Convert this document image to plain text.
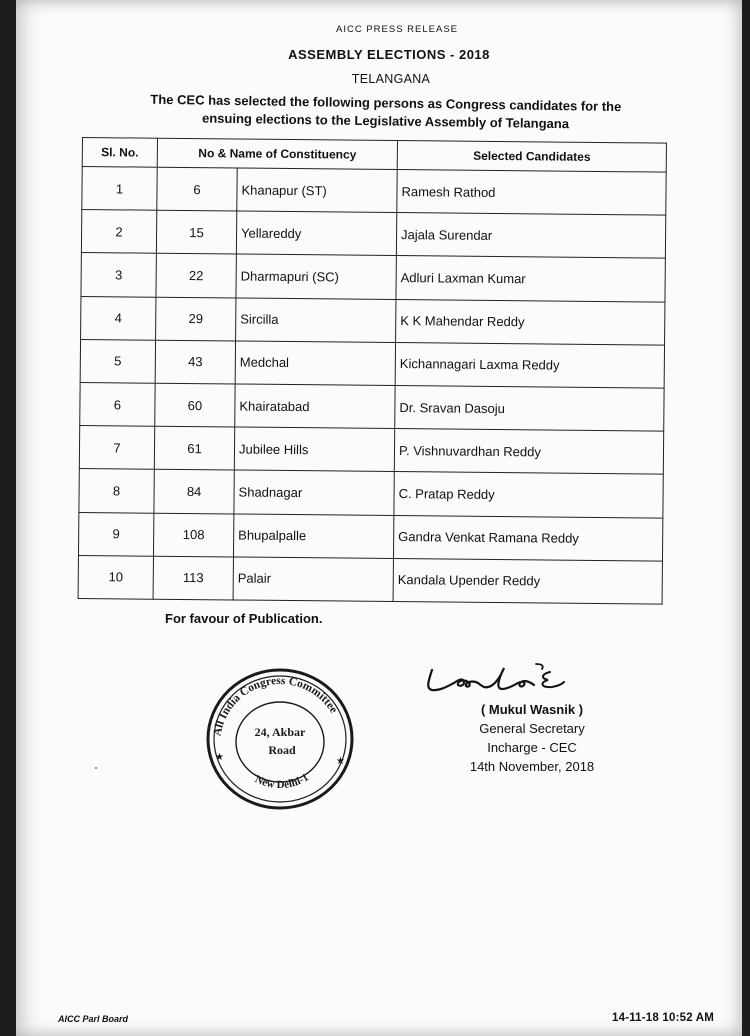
AICC PRESS RELEASE
ASSEMBLY ELECTIONS - 2018
TELANGANA
The CEC has selected the following persons as Congress candidates for the
ensuing elections to the Legislative Assembly of Telangana
Sl. No.	No & Name of Constituency		Selected Candidates
1	6	Khanapur (ST)	Ramesh Rathod
2	15	Yellareddy	Jajala Surendar
3	22	Dharmapuri (SC)	Adluri Laxman Kumar
4	29	Sircilla	K K Mahendar Reddy
5	43	Medchal	Kichannagari Laxma Reddy
6	60	Khairatabad	Dr. Sravan Dasoju
7	61	Jubilee Hills	P. Vishnuvardhan Reddy
8	84	Shadnagar	C. Pratap Reddy
9	108	Bhupalpalle	Gandra Venkat Ramana Reddy
10	113	Palair	Kandala Upender Reddy
For favour of Publication.
( Mukul Wasnik )
General Secretary
Incharge - CEC
14th November, 2018
All India Congress Committee
New Delhi-1
24, Akbar
Road
★	★
AICC Parl Board	14-11-18 10:52 AM
